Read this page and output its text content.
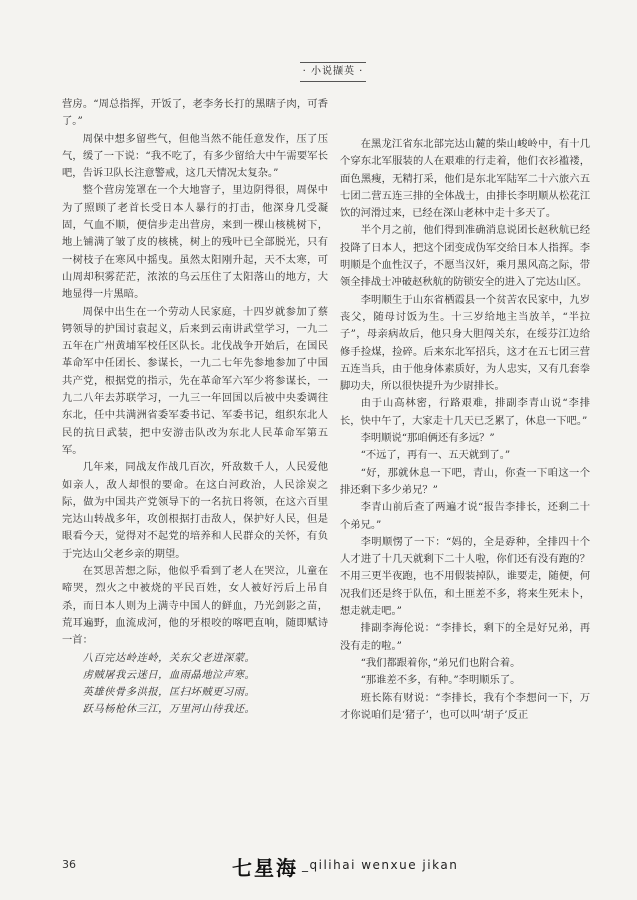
· 小说撷英 ·

营房。“周总指挥，开饭了，老李务长打的黑瞎子肉，可香了。”

周保中想多留些气，但他当然不能任意发作，压了压气，缓了一下说：“我不吃了，有多少留给大中午需要军长吧，告诉卫队长注意警戒，这几天情况太复杂。”

整个营房笼罩在一个大地窨子，里边阴得很，周保中为了照顾了老首长受日本人暴行的打击，他深身几受凝固，气血不顺，便信步走出营房，来到一棵山核桃树下，地上铺满了皱了皮的核桃，树上的残叶已全部脱光，只有一树枝子在寒风中摇曳。虽然太阳刚升起，天不太寒，可山周却积雾茫茫，浓浓的乌云压住了太阳落山的地方，大地显得一片黑暗。

周保中出生在一个劳动人民家庭，十四岁就参加了蔡锷领导的护国讨袁起义，后来到云南讲武堂学习，一九二五年在广州黄埔军校任区队长。北伐战争开始后，在国民革命军中任团长、参谋长，一九二七年先参地参加了中国共产党，根据党的指示，先在革命军六军少将参谋长，一九二八年去苏联学习，一九三一年回国以后被中央委调往东北，任中共满洲省委军委书记、军委书记，组织东北人民的抗日武装，把中安游击队改为东北人民革命军第五军。

几年来，同战友作战几百次，歼敌数千人，人民爱他如亲人，敌人却恨的要命。在这白河政治，人民涂炭之际，做为中国共产党领导下的一名抗日将领，在这六百里完达山转战多年，攻创根据打击敌人，保护好人民，但是眼看今天，觉得对不起党的培养和人民群众的关怀，有负于完达山父老乡亲的期望。

在冥思苦想之际，他似乎看到了老人在哭泣，儿童在啼哭，烈火之中被烧的平民百姓，女人被好污后上吊自杀，而日本人则为上满寺中国人的鲜血，乃光剑影之苗，荒耳遍野，血流成河，他的牙根咬的喀吧直响，随即赋诗一首：

八百完达岭连岭，关东父老进深蒙。
虏贼屠我云迷日，血雨晶地泣声寒。
英雄侠骨多洪报，匡扫坏贼更习雨。
跃马杨枪休三江，万里河山待我还。

在黑龙江省东北部完达山麓的柴山峻岭中，有十几个穿东北军服装的人在艰难的行走着，他们衣衫褴褛，面色黑瘦，无精打采，他们是东北军陆军二十六旅六五七团二营五连三排的全体战士，由排长李明顺从松花江饮的河滑过来，已经在深山老林中走十多天了。

半个月之前，他们得到准确消息说团长赵秋航已经投降了日本人，把这个团变成伪军交给日本人指挥。李明顺是个血性汉子，不愿当汉奸，乘月黑风高之际，带领全排战士冲破赵秋航的防锁安全的进入了完达山区。

李明顺生于山东省栖霞县一个贫苦农民家中，九岁丧父，随母讨饭为生。十三岁给地主当放羊，“半拉子”，母亲病故后，他只身大胆闯关东，在绥芬江边给修手捡煤，捡碎。后来东北军招兵，这才在五七团三营五连当兵，由于他身体素质好，为人忠实，又有几套拳脚功夫，所以很快提升为少尉排长。

由于山高林密，行路艰难，排副李青山说“李排长，快中午了，大家走十几天已乏累了，休息一下吧。”

李明顺说“那咱俩还有多远？”

“不远了，再有一、五天就到了。”

“好，那就休息一下吧，青山，你查一下咱这一个排还剩下多少弟兄？”

李青山前后查了两遍才说“报告李排长，还剩二十个弟兄。”

李明顺愣了一下：“妈的，全是孬种，全排四十个人才进了十几天就剩下二十人啦，你们还有没有跑的？不用三更半夜跑，也不用假装掉队，谁要走，随便，何况我们还是终于队伍，和土匪差不多，将来生死未卜，想走就走吧。”

排副李海伦说：“李排长，剩下的全是好兄弟，再没有走的啦。”

“我们都跟着你，”弟兄们也附合着。

“那谁差不多，有种。”李明顺乐了。

班长陈有财说：“李排长，我有个李想问一下，万才你说咱们是‘猪子’，也可以叫‘胡子’反正

36	七星海 _qilihai wenxue jikan
